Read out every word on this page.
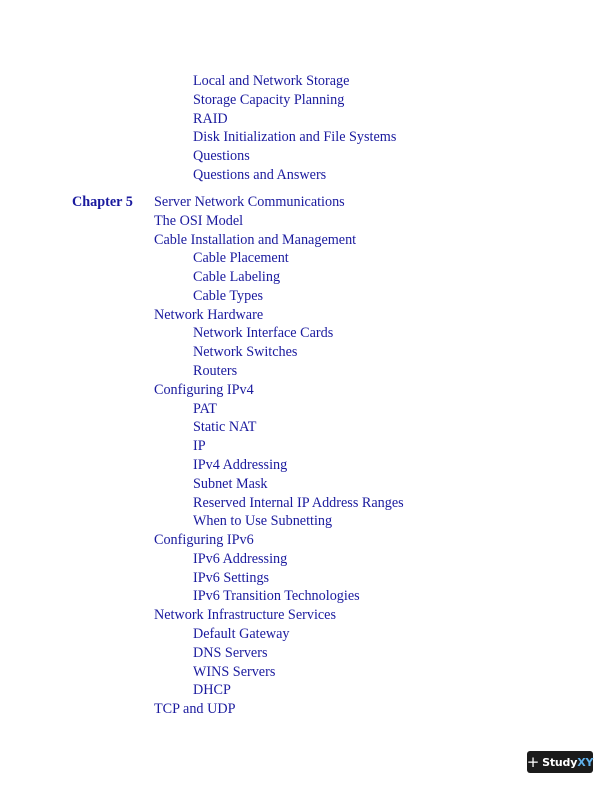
Local and Network Storage
Storage Capacity Planning
RAID
Disk Initialization and File Systems
Questions
Questions and Answers
Chapter 5 Server Network Communications
The OSI Model
Cable Installation and Management
Cable Placement
Cable Labeling
Cable Types
Network Hardware
Network Interface Cards
Network Switches
Routers
Configuring IPv4
PAT
Static NAT
IP
IPv4 Addressing
Subnet Mask
Reserved Internal IP Address Ranges
When to Use Subnetting
Configuring IPv6
IPv6 Addressing
IPv6 Settings
IPv6 Transition Technologies
Network Infrastructure Services
Default Gateway
DNS Servers
WINS Servers
DHCP
TCP and UDP
+ Study XY
